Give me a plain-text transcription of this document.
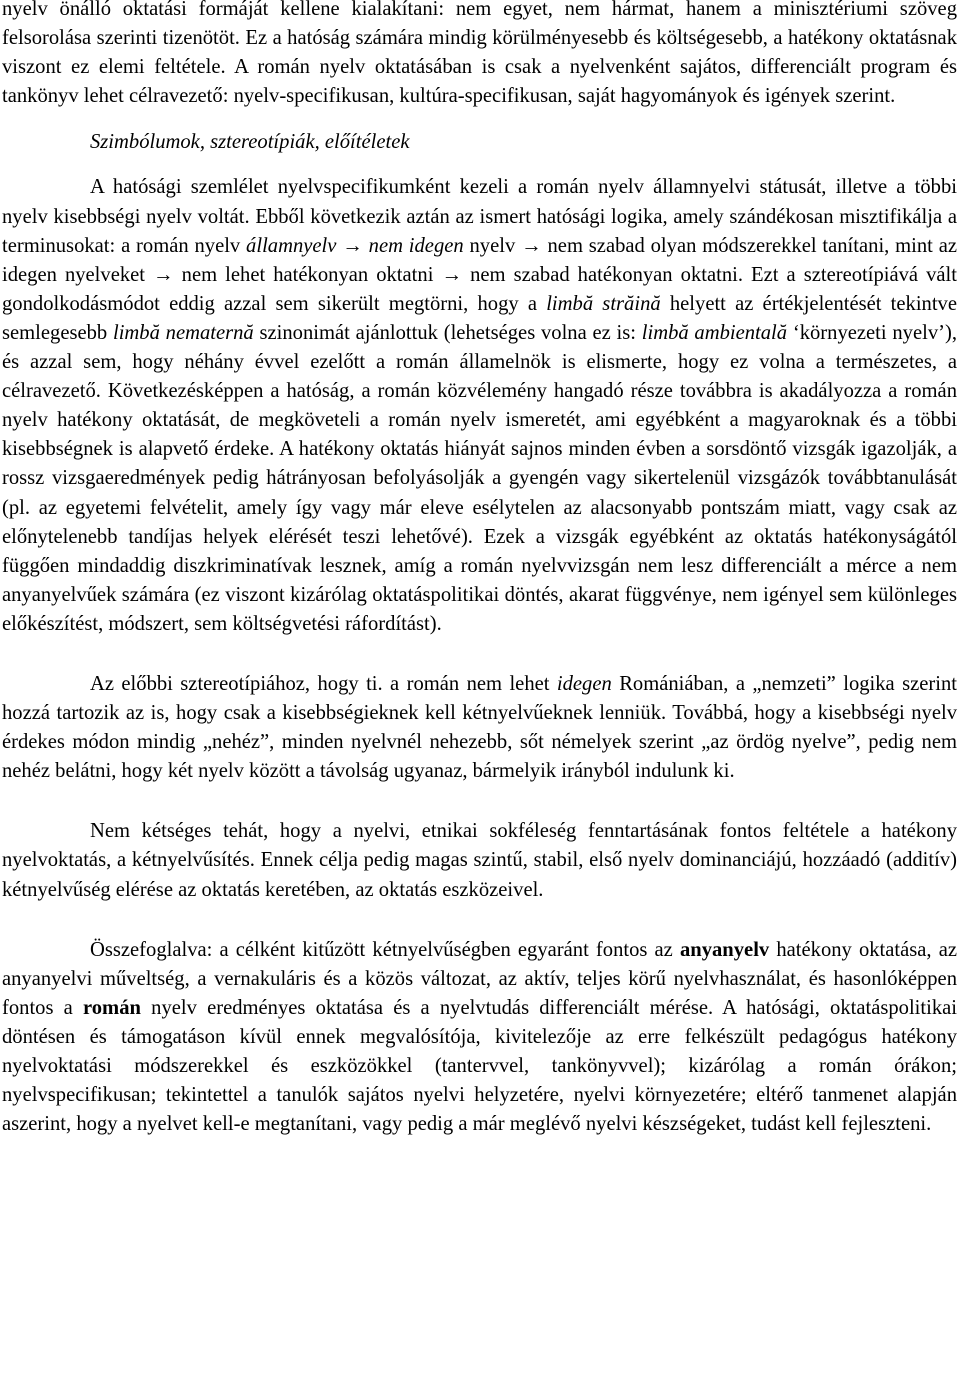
nyelv önálló oktatási formáját kellene kialakítani: nem egyet, nem hármat, hanem a minisztériumi szöveg felsorolása szerinti tizenötöt. Ez a hatóság számára mindig körülményesebb és költségesebb, a hatékony oktatásnak viszont ez elemi feltétele. A román nyelv oktatásában is csak a nyelvenként sajátos, differenciált program és tankönyv lehet célravezető: nyelv-specifikusan, kultúra-specifikusan, saját hagyományok és igények szerint.

Szimbólumok, sztereotípiák, előítéletek

A hatósági szemlélet nyelvspecifikumként kezeli a román nyelv államnyelvi státusát, illetve a többi nyelv kisebbségi nyelv voltát. Ebből következik aztán az ismert hatósági logika, amely szándékosan misztifikálja a terminusokat: a román nyelv államnyelv → nem idegen nyelv → nem szabad olyan módszerekkel tanítani, mint az idegen nyelveket → nem lehet hatékonyan oktatni → nem szabad hatékonyan oktatni. Ezt a sztereotípiává vált gondolkodásmódot eddig azzal sem sikerült megtörni, hogy a limbă străină helyett az értékjelentését tekintve semlegesebb limbă nematernă szinonimát ajánlottuk (lehetséges volna ez is: limbă ambientală ‘környezeti nyelv’), és azzal sem, hogy néhány évvel ezelőtt a román államelnök is elismerte, hogy ez volna a természetes, a célravezető. Következésképpen a hatóság, a román közvélemény hangadó része továbbra is akadályozza a román nyelv hatékony oktatását, de megköveteli a román nyelv ismeretét, ami egyébként a magyaroknak és a többi kisebbségnek is alapvető érdeke. A hatékony oktatás hiányát sajnos minden évben a sorsdöntő vizsgák igazolják, a rossz vizsgaeredmények pedig hátrányosan befolyásolják a gyengén vagy sikertelenül vizsgázók továbbtanulását (pl. az egyetemi felvételit, amely így vagy már eleve esélytelen az alacsonyabb pontszám miatt, vagy csak az előnytelenebb tandíjas helyek elérését teszi lehetővé). Ezek a vizsgák egyébként az oktatás hatékonyságától függően mindaddig diszkriminatívak lesznek, amíg a román nyelvvizsgán nem lesz differenciált a mérce a nem anyanyelvűek számára (ez viszont kizárólag oktatáspolitikai döntés, akarat függvénye, nem igényel sem különleges előkészítést, módszert, sem költségvetési ráfordítást).

Az előbbi sztereotípiához, hogy ti. a román nem lehet idegen Romániában, a „nemzeti” logika szerint hozzá tartozik az is, hogy csak a kisebbségieknek kell kétnyelvűeknek lenniük. Továbbá, hogy a kisebbségi nyelv érdekes módon mindig „nehéz”, minden nyelvnél nehezebb, sőt némelyek szerint „az ördög nyelve”, pedig nem nehéz belátni, hogy két nyelv között a távolság ugyanaz, bármelyik irányból indulunk ki.

Nem kétséges tehát, hogy a nyelvi, etnikai sokféleség fenntartásának fontos feltétele a hatékony nyelvoktatás, a kétnyelvűsítés. Ennek célja pedig magas szintű, stabil, első nyelv dominanciájú, hozzáadó (additív) kétnyelvűség elérése az oktatás keretében, az oktatás eszközeivel.

Összefoglalva: a célként kitűzött kétnyelvűségben egyaránt fontos az anyanyelv hatékony oktatása, az anyanyelvi műveltség, a vernakuláris és a közös változat, az aktív, teljes körű nyelvhasználat, és hasonlóképpen fontos a román nyelv eredményes oktatása és a nyelvtudás differenciált mérése. A hatósági, oktatáspolitikai döntésen és támogatáson kívül ennek megvalósítója, kivitelezője az erre felkészült pedagógus hatékony nyelvoktatási módszerekkel és eszközökkel (tantervvel, tankönyvvel); kizárólag a román órákon; nyelvspecifikusan; tekintettel a tanulók sajátos nyelvi helyzetére, nyelvi környezetére; eltérő tanmenet alapján aszerint, hogy a nyelvet kell-e megtanítani, vagy pedig a már meglévő nyelvi készségeket, tudást kell fejleszteni.
